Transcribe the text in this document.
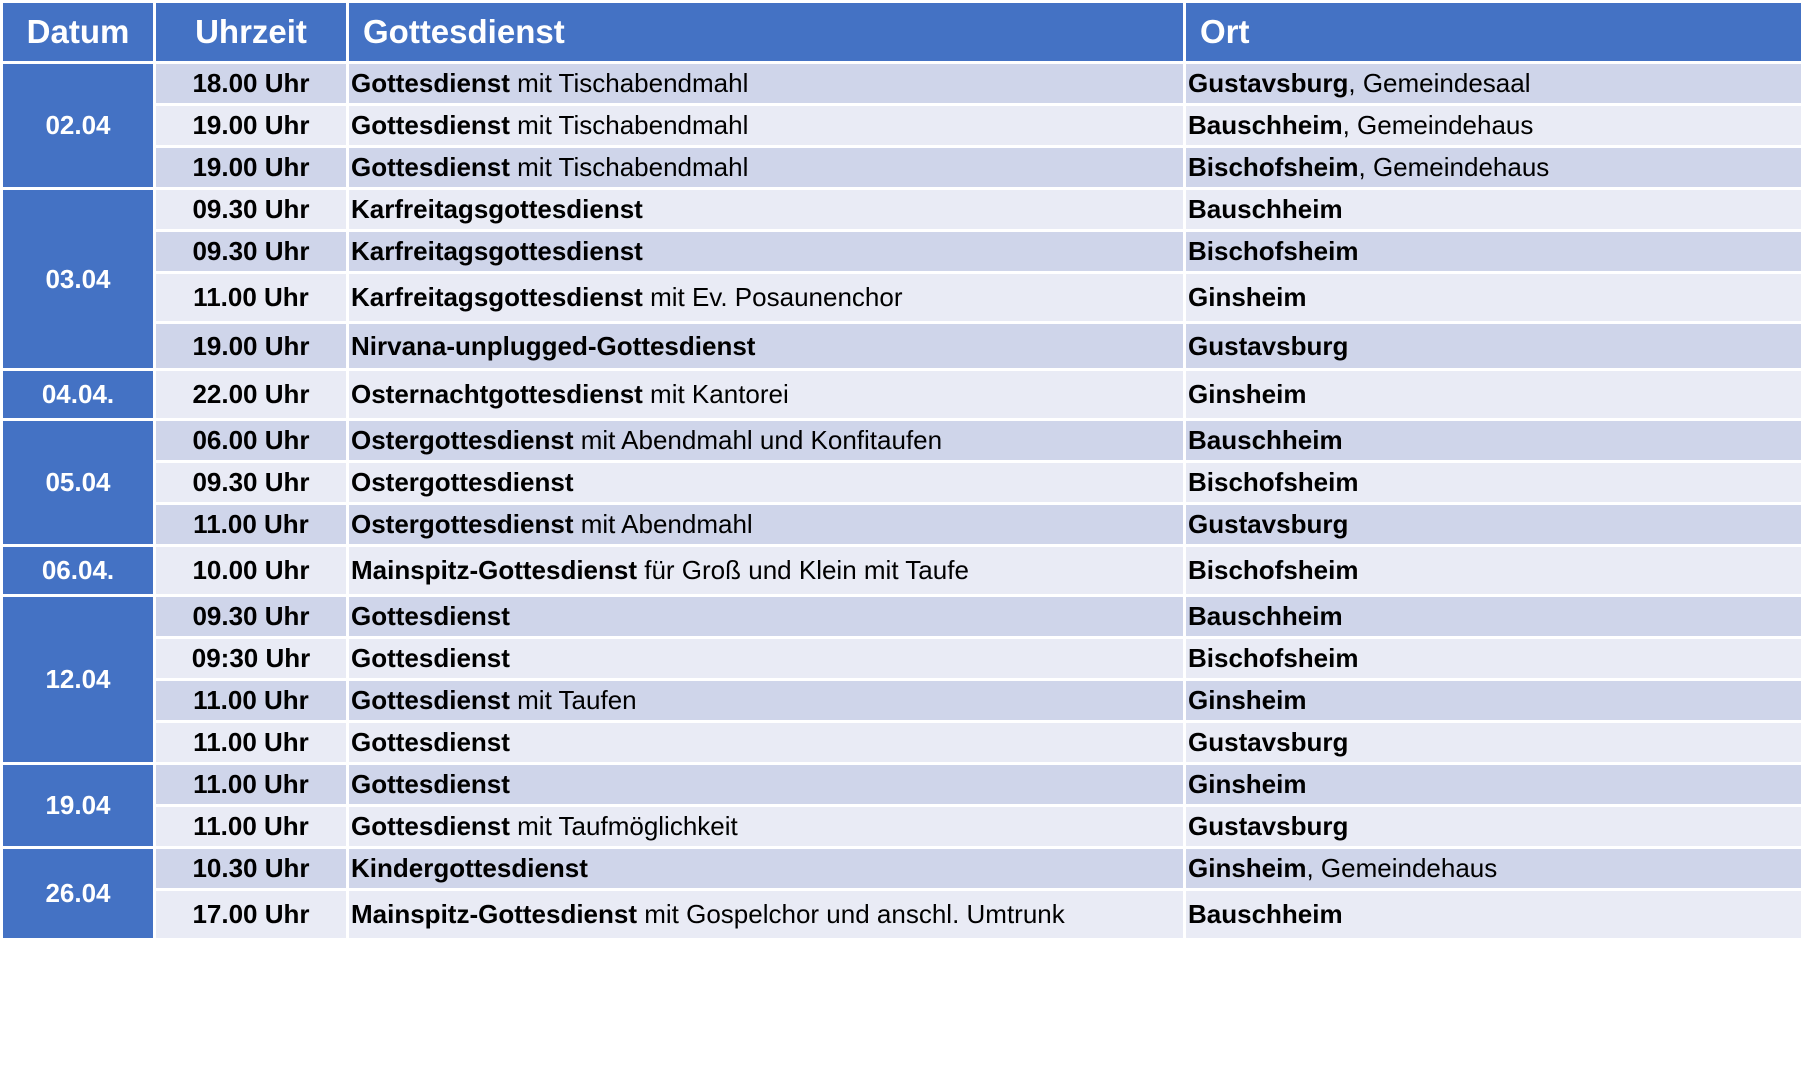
Datum	Uhrzeit	Gottesdienst	Ort
02.04	18.00 Uhr	Gottesdienst mit Tischabendmahl	Gustavsburg, Gemeindesaal
	19.00 Uhr	Gottesdienst mit Tischabendmahl	Bauschheim, Gemeindehaus
	19.00 Uhr	Gottesdienst mit Tischabendmahl	Bischofsheim, Gemeindehaus
03.04	09.30 Uhr	Karfreitagsgottesdienst	Bauschheim
	09.30 Uhr	Karfreitagsgottesdienst	Bischofsheim
	11.00 Uhr	Karfreitagsgottesdienst mit Ev. Posaunenchor	Ginsheim
	19.00 Uhr	Nirvana-unplugged-Gottesdienst	Gustavsburg
04.04.	22.00 Uhr	Osternachtgottesdienst mit Kantorei	Ginsheim
05.04	06.00 Uhr	Ostergottesdienst mit Abendmahl und Konfitaufen	Bauschheim
	09.30 Uhr	Ostergottesdienst	Bischofsheim
	11.00 Uhr	Ostergottesdienst mit Abendmahl	Gustavsburg
06.04.	10.00 Uhr	Mainspitz-Gottesdienst für Groß und Klein mit Taufe	Bischofsheim
12.04	09.30 Uhr	Gottesdienst	Bauschheim
	09:30 Uhr	Gottesdienst	Bischofsheim
	11.00 Uhr	Gottesdienst mit Taufen	Ginsheim
	11.00 Uhr	Gottesdienst	Gustavsburg
19.04	11.00 Uhr	Gottesdienst	Ginsheim
	11.00 Uhr	Gottesdienst mit Taufmöglichkeit	Gustavsburg
26.04	10.30 Uhr	Kindergottesdienst	Ginsheim, Gemeindehaus
	17.00 Uhr	Mainspitz-Gottesdienst mit Gospelchor und anschl. Umtrunk	Bauschheim
